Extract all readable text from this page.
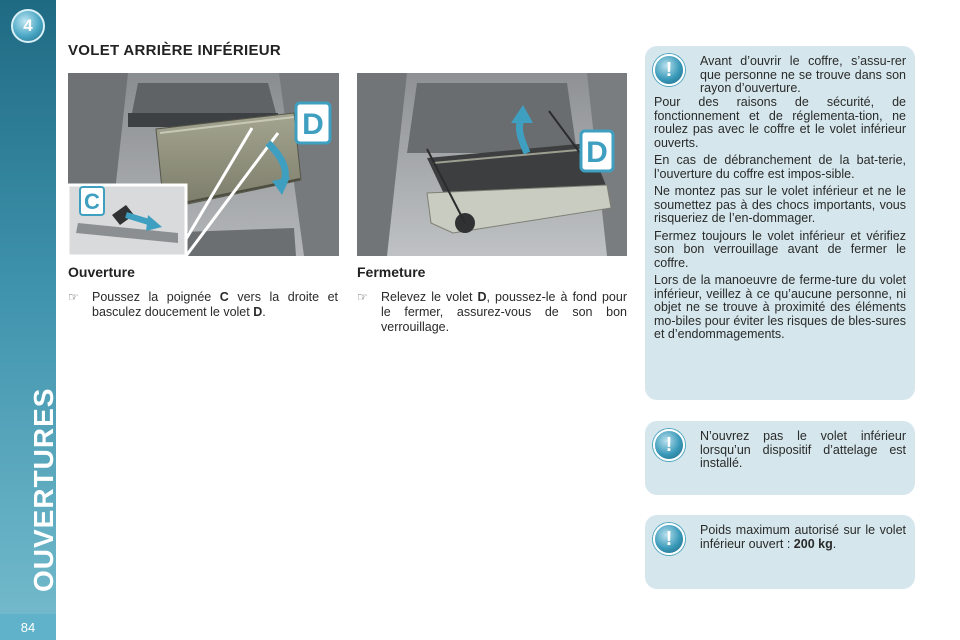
4
OUVERTURES
84
VOLET ARRIÈRE INFÉRIEUR
D
C
D
Ouverture
☞ Poussez la poignée C vers la droite et basculez doucement le volet D.
Fermeture
☞ Relevez le volet D, poussez-le à fond pour le fermer, assurez-vous de son bon verrouillage.
!	Avant d’ouvrir le coffre, s’assu-rer que personne ne se trouve dans son rayon d’ouverture.

Pour des raisons de sécurité, de fonctionnement et de réglementa-tion, ne roulez pas avec le coffre et le volet inférieur ouverts.

En cas de débranchement de la bat-terie, l’ouverture du coffre est impos-sible.

Ne montez pas sur le volet inférieur et ne le soumettez pas à des chocs importants, vous risqueriez de l’en-dommager.

Fermez toujours le volet inférieur et vérifiez son bon verrouillage avant de fermer le coffre.

Lors de la manoeuvre de ferme-ture du volet inférieur, veillez à ce qu’aucune personne, ni objet ne se trouve à proximité des éléments mo-biles pour éviter les risques de bles-sures et d’endommagements.

!	N’ouvrez pas le volet inférieur lorsqu’un dispositif d’attelage est installé.

!	Poids maximum autorisé sur le volet inférieur ouvert : 200 kg.
